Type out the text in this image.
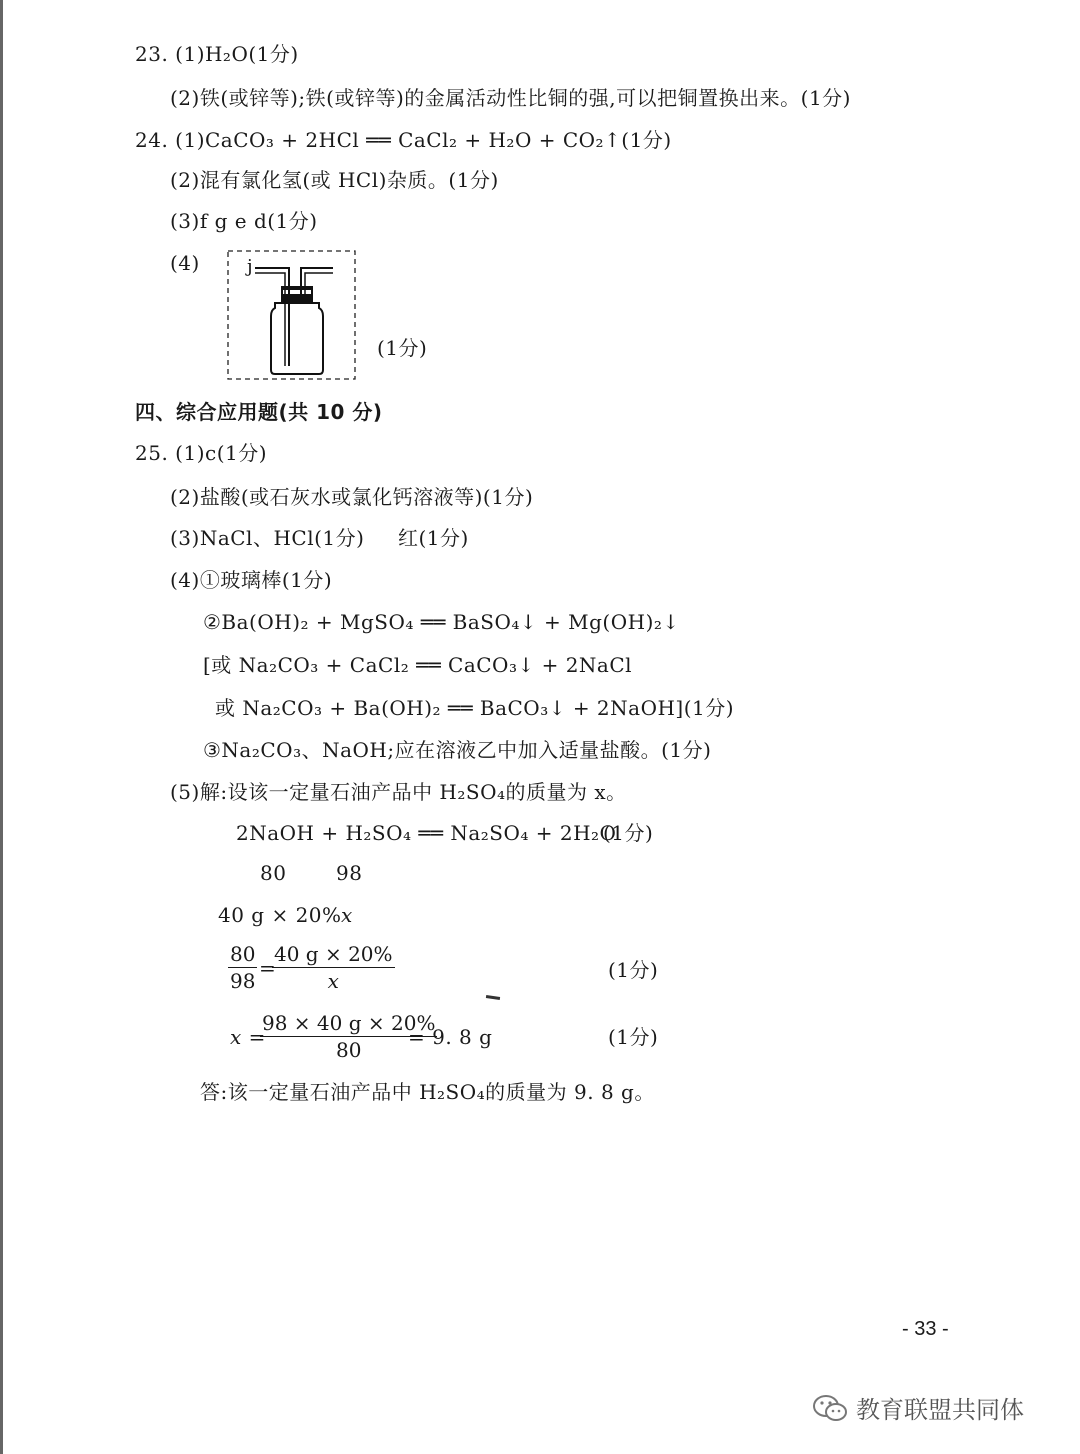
23. (1)H₂O(1分)
(2)铁(或锌等);铁(或锌等)的金属活动性比铜的强,可以把铜置换出来。(1分)
24. (1)CaCO₃ + 2HCl ══ CaCl₂ + H₂O + CO₂↑(1分)
(2)混有氯化氢(或 HCl)杂质。(1分)
(3)f g e d(1分)
(4)	j
(1分)
四、综合应用题(共 10 分)
25. (1)c(1分)
(2)盐酸(或石灰水或氯化钙溶液等)(1分)
(3)NaCl、HCl(1分) 红(1分)
(4)①玻璃棒(1分)
②Ba(OH)₂ + MgSO₄ ══ BaSO₄↓ + Mg(OH)₂↓
[或 Na₂CO₃ + CaCl₂ ══ CaCO₃↓ + 2NaCl
或 Na₂CO₃ + Ba(OH)₂ ══ BaCO₃↓ + 2NaOH](1分)
③Na₂CO₃、NaOH;应在溶液乙中加入适量盐酸。(1分)
(5)解:设该一定量石油产品中 H₂SO₄的质量为 x。
2NaOH + H₂SO₄ ══ Na₂SO₄ + 2H₂O
(1分)
80 98
40 g × 20% x
$\frac{80}{98}$ =
$\frac{40 g \times 20\%}{x}$	(1分)
x =
$\frac{98 \times 40 g \times 20\%}{80}$
= 9. 8 g	(1分)
答:该一定量石油产品中 H₂SO₄的质量为 9. 8 g。
- 33 -
教育联盟共同体
